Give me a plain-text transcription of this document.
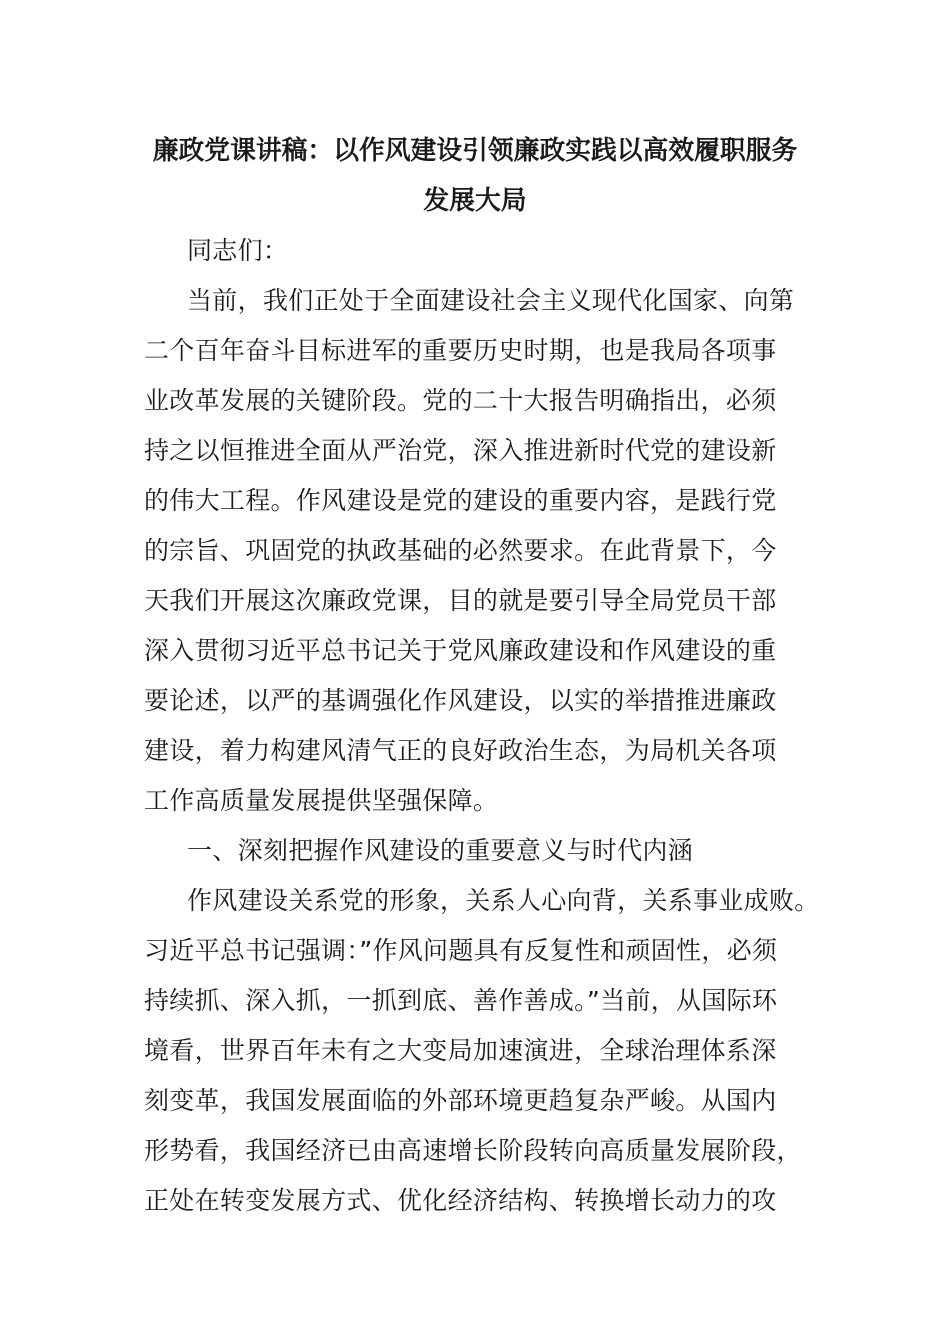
廉政党课讲稿：以作风建设引领廉政实践以高效履职服务
发展大局
同志们：
当前，我们正处于全面建设社会主义现代化国家、向第
二个百年奋斗目标进军的重要历史时期，也是我局各项事
业改革发展的关键阶段。党的二十大报告明确指出，必须
持之以恒推进全面从严治党，深入推进新时代党的建设新
的伟大工程。作风建设是党的建设的重要内容，是践行党
的宗旨、巩固党的执政基础的必然要求。在此背景下，今
天我们开展这次廉政党课，目的就是要引导全局党员干部
深入贯彻习近平总书记关于党风廉政建设和作风建设的重
要论述，以严的基调强化作风建设，以实的举措推进廉政
建设，着力构建风清气正的良好政治生态，为局机关各项
工作高质量发展提供坚强保障。
一、深刻把握作风建设的重要意义与时代内涵
作风建设关系党的形象，关系人心向背，关系事业成败。
习近平总书记强调：”作风问题具有反复性和顽固性，必须
持续抓、深入抓，一抓到底、善作善成。”当前，从国际环
境看，世界百年未有之大变局加速演进，全球治理体系深
刻变革，我国发展面临的外部环境更趋复杂严峻。从国内
形势看，我国经济已由高速增长阶段转向高质量发展阶段，
正处在转变发展方式、优化经济结构、转换增长动力的攻
